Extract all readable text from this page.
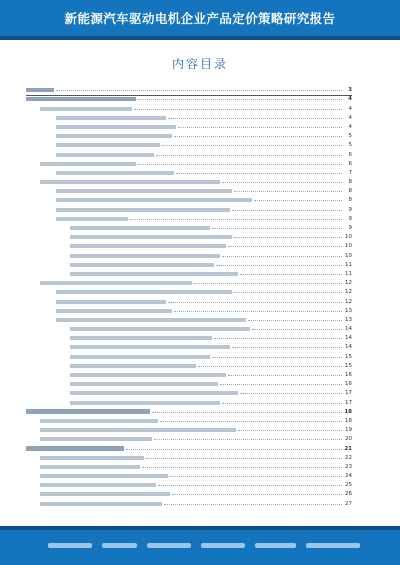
新能源汽车驱动电机企业产品定价策略研究报告
内容目录
3
4
4
4
4
5
5
6
6
7
8
8
8
9
9
9
10
10
10
11
11
12
12
12
13
13
14
14
14
15
15
16
16
17
17
18
18
19
20
21
22
23
24
25
26
27
